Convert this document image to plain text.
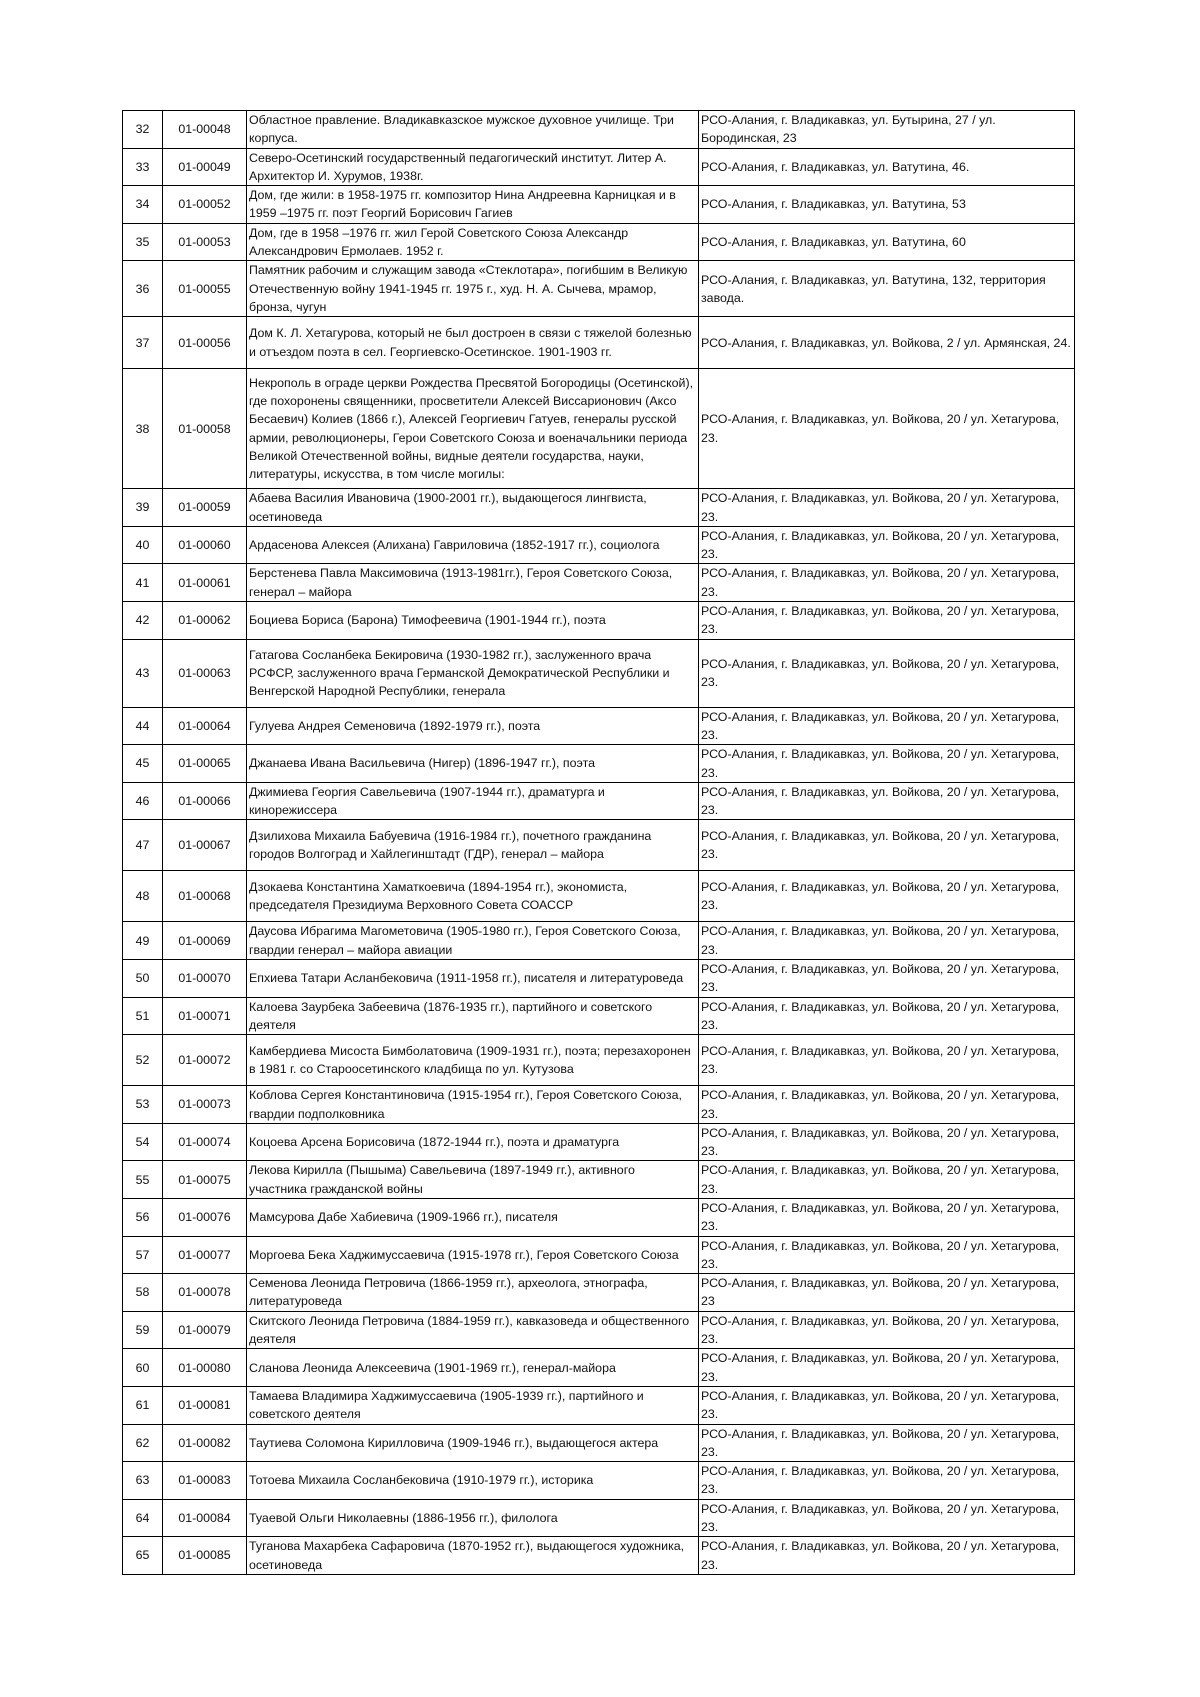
32	01-00048	Областное правление. Владикавказское мужское духовное училище. Три корпуса.	РСО-Алания, г. Владикавказ, ул. Бутырина, 27 / ул. Бородинская, 23
33	01-00049	Северо-Осетинский государственный педагогический институт. Литер А. Архитектор И. Хурумов, 1938г.	РСО-Алания, г. Владикавказ, ул. Ватутина, 46.
34	01-00052	Дом, где жили: в 1958-1975 гг. композитор Нина Андреевна Карницкая и в 1959 –1975 гг. поэт Георгий Борисович Гагиев	РСО-Алания, г. Владикавказ, ул. Ватутина, 53
35	01-00053	Дом, где в 1958 –1976 гг. жил Герой Советского Союза Александр Александрович Ермолаев. 1952 г.	РСО-Алания, г. Владикавказ, ул. Ватутина, 60
36	01-00055	Памятник рабочим и служащим завода «Стеклотара», погибшим в Великую Отечественную войну 1941-1945 гг. 1975 г., худ. Н. А. Сычева, мрамор, бронза, чугун	РСО-Алания, г. Владикавказ, ул. Ватутина, 132, территория завода.
37	01-00056	Дом К. Л. Хетагурова, который не был достроен в связи с тяжелой болезнью и отъездом поэта в сел. Георгиевско-Осетинское. 1901-1903 гг.	РСО-Алания, г. Владикавказ, ул. Войкова, 2 / ул. Армянская, 24.
38	01-00058	Некрополь в ограде церкви Рождества Пресвятой Богородицы (Осетинской), где похоронены священники, просветители Алексей Виссарионович (Аксо Бесаевич) Колиев (1866 г.), Алексей Георгиевич Гатуев, генералы русской армии, революционеры, Герои Советского Союза и военачальники периода Великой Отечественной войны, видные деятели государства, науки, литературы, искусства, в том числе могилы:	РСО-Алания, г. Владикавказ, ул. Войкова, 20 / ул. Хетагурова, 23.
39	01-00059	Абаева Василия Ивановича (1900-2001 гг.), выдающегося лингвиста, осетиноведа	РСО-Алания, г. Владикавказ, ул. Войкова, 20 / ул. Хетагурова, 23.
40	01-00060	Ардасенова Алексея (Алихана) Гавриловича (1852-1917 гг.), социолога	РСО-Алания, г. Владикавказ, ул. Войкова, 20 / ул. Хетагурова, 23.
41	01-00061	Берстенева Павла Максимовича (1913-1981гг.), Героя Советского Союза, генерал – майора	РСО-Алания, г. Владикавказ, ул. Войкова, 20 / ул. Хетагурова, 23.
42	01-00062	Боциева Бориса (Барона) Тимофеевича (1901-1944 гг.), поэта	РСО-Алания, г. Владикавказ, ул. Войкова, 20 / ул. Хетагурова, 23.
43	01-00063	Гатагова Сосланбека Бекировича (1930-1982 гг.), заслуженного врача РСФСР, заслуженного врача Германской Демократической Республики и Венгерской Народной Республики, генерала	РСО-Алания, г. Владикавказ, ул. Войкова, 20 / ул. Хетагурова, 23.
44	01-00064	Гулуева Андрея Семеновича (1892-1979 гг.), поэта	РСО-Алания, г. Владикавказ, ул. Войкова, 20 / ул. Хетагурова, 23.
45	01-00065	Джанаева Ивана Васильевича (Нигер) (1896-1947 гг.), поэта	РСО-Алания, г. Владикавказ, ул. Войкова, 20 / ул. Хетагурова, 23.
46	01-00066	Джимиева Георгия Савельевича (1907-1944 гг.), драматурга и кинорежиссера	РСО-Алания, г. Владикавказ, ул. Войкова, 20 / ул. Хетагурова, 23.
47	01-00067	Дзилихова Михаила Бабуевича (1916-1984 гг.), почетного гражданина городов Волгоград и Хайлегинштадт (ГДР), генерал – майора	РСО-Алания, г. Владикавказ, ул. Войкова, 20 / ул. Хетагурова, 23.
48	01-00068	Дзокаева Константина Хаматкоевича (1894-1954 гг.), экономиста, председателя Президиума Верховного Совета СОАССР	РСО-Алания, г. Владикавказ, ул. Войкова, 20 / ул. Хетагурова, 23.
49	01-00069	Даусова Ибрагима Магометовича (1905-1980 гг.), Героя Советского Союза, гвардии генерал – майора авиации	РСО-Алания, г. Владикавказ, ул. Войкова, 20 / ул. Хетагурова, 23.
50	01-00070	Епхиева Татари Асланбековича (1911-1958 гг.), писателя и литературоведа	РСО-Алания, г. Владикавказ, ул. Войкова, 20 / ул. Хетагурова, 23.
51	01-00071	Калоева Заурбека Забеевича (1876-1935 гг.), партийного и советского деятеля	РСО-Алания, г. Владикавказ, ул. Войкова, 20 / ул. Хетагурова, 23.
52	01-00072	Камбердиева Мисоста Бимболатовича (1909-1931 гг.), поэта; перезахоронен в 1981 г. со Староосетинского кладбища по ул. Кутузова	РСО-Алания, г. Владикавказ, ул. Войкова, 20 / ул. Хетагурова, 23.
53	01-00073	Коблова Сергея Константиновича (1915-1954 гг.), Героя Советского Союза, гвардии подполковника	РСО-Алания, г. Владикавказ, ул. Войкова, 20 / ул. Хетагурова, 23.
54	01-00074	Коцоева Арсена Борисовича (1872-1944 гг.), поэта и драматурга	РСО-Алания, г. Владикавказ, ул. Войкова, 20 / ул. Хетагурова, 23.
55	01-00075	Лекова Кирилла (Пышыма) Савельевича (1897-1949 гг.), активного участника гражданской войны	РСО-Алания, г. Владикавказ, ул. Войкова, 20 / ул. Хетагурова, 23.
56	01-00076	Мамсурова Дабе Хабиевича (1909-1966 гг.), писателя	РСО-Алания, г. Владикавказ, ул. Войкова, 20 / ул. Хетагурова, 23.
57	01-00077	Моргоева Бека Хаджимуссаевича (1915-1978 гг.), Героя Советского Союза	РСО-Алания, г. Владикавказ, ул. Войкова, 20 / ул. Хетагурова, 23.
58	01-00078	Семенова Леонида Петровича (1866-1959 гг.), археолога, этнографа, литературоведа	РСО-Алания, г. Владикавказ, ул. Войкова, 20 / ул. Хетагурова, 23
59	01-00079	Скитского Леонида Петровича (1884-1959 гг.), кавказоведа и общественного деятеля	РСО-Алания, г. Владикавказ, ул. Войкова, 20 / ул. Хетагурова, 23.
60	01-00080	Сланова Леонида Алексеевича (1901-1969 гг.), генерал-майора	РСО-Алания, г. Владикавказ, ул. Войкова, 20 / ул. Хетагурова, 23.
61	01-00081	Тамаева Владимира Хаджимуссаевича (1905-1939 гг.), партийного и советского деятеля	РСО-Алания, г. Владикавказ, ул. Войкова, 20 / ул. Хетагурова, 23.
62	01-00082	Таутиева Соломона Кирилловича (1909-1946 гг.), выдающегося актера	РСО-Алания, г. Владикавказ, ул. Войкова, 20 / ул. Хетагурова, 23.
63	01-00083	Тотоева Михаила Сосланбековича (1910-1979 гг.), историка	РСО-Алания, г. Владикавказ, ул. Войкова, 20 / ул. Хетагурова, 23.
64	01-00084	Туаевой Ольги Николаевны (1886-1956 гг.), филолога	РСО-Алания, г. Владикавказ, ул. Войкова, 20 / ул. Хетагурова, 23.
65	01-00085	Туганова Махарбека Сафаровича (1870-1952 гг.), выдающегося художника, осетиноведа	РСО-Алания, г. Владикавказ, ул. Войкова, 20 / ул. Хетагурова, 23.
